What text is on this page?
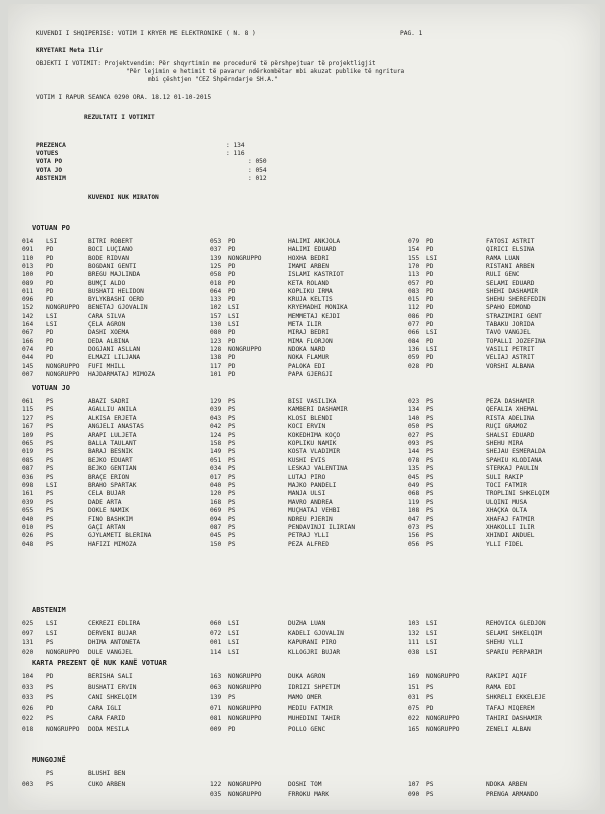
KUVENDI I SHQIPERISE: VOTIM I KRYER ME ELEKTRONIKE ( N. 8 )	PAG. 1
KRYETARI Meta Ilir
OBJEKTI I VOTIMIT: Projektvendim: Për shqyrtimin me procedurë të përshpejtuar të projektligjit
"Për lejimin e hetimit të pavarur ndërkombëtar mbi akuzat publike të ngritura
mbi çështjen "CEZ Shpërndarje SH.A."
VOTIM I RAPUR SEANCA 0290 ORA. 18.12 01-10-2015
REZULTATI I VOTIMIT
PREZENCA	: 134
VOTUES	: 116
VOTA PO	: 050
VOTA JO	: 054
ABSTENIM	: 012
KUVENDI NUK MIRATON
VOTUAN PO
014 LSI	BITRI ROBERT	053 PD	HALIMI ANKJOLA	079 PD	FATOSI ASTRIT
091 PD	BOCI LUÇIANO	037 PD	HALIMI EDUARD	154 PD	QIRICI ELSINA
110 PD	BODE RIDVAN	139 NONGRUPPO	HOXHA BEDRI	155 LSI	RAMA LUAN
013 PD	BOGDANI GENTI	125 PD	IMAMI ARBEN	170 PD	RISTANI ARBEN
100 PD	BREGU MAJLINDA	058 PD	ISLAMI KASTRIOT	113 PD	RULI GENC
089 PD	BUMÇI ALDO	018 PD	KETA ROLAND	057 PD	SELAMI EDUARD
011 PD	BUSHATI HELIDON	064 PD	KOPLIKU IRMA	083 PD	SHEHI DASHAMIR
096 PD	BYLYKBASHI OERD	133 PD	KRUJA KELTIS	015 PD	SHEHU SHEREFEDIN
152 NONGRUPPO BENETAJ GJOVALIN	102 LSI	KRYEMADHI MONIKA	112 PD	SPAHO EDMOND
142 LSI	CARA SILVA	157 LSI	MEMMETAJ KEJDI	086 PD	STRAZIMIRI GENT
164 LSI	ÇELA AGRON	130 LSI	META ILIR	077 PD	TABAKU JORIDA
067 PD	DASHI XOEMA	080 PD	MIRAJ BEDRI	066 LSI	TAVO VANGJEL
166 PD	DEDA ALBINA	123 PD	MIMA FLORJON	084 PD	TOPALLI JOZEFINA
074 PD	DOGJANI ASLLAN	128 NONGRUPPO	NDOKA NARD	136 LSI	VASILI PETRIT
044 PD	ELMAZI LILJANA	138 PD	NOKA FLAMUR	059 PD	VELIAJ ASTRIT
145 NONGRUPPO FUFI MHILL	117 PD	PALOKA EDI	028 PD	VORSHI ALBANA
007 NONGRUPPO HAJDARMATAJ MIMOZA	101 PD	PAPA GJERGJI
VOTUAN JO
061 PS	ABAZI SADRI	129 PS	BISI VASILIKA	023 PS	PEZA DASHAMIR
115 PS	AGALLIU ANILA	039 PS	KAMBERI DASHAMIR	134 PS	QEFALIA XHEMAL
127 PS	ALKISA ERJETA	043 PS	KLOSI BLENDI	140 PS	RISTA ADELINA
167 PS	ANGJELI ANASTAS	042 PS	KOCI ERVIN	050 PS	RUÇI GRAMOZ
109 PS	ARAPI LULJETA	124 PS	KOKEDHIMA KOÇO	027 PS	SHALSI EDUARD
065 PS	BALLA TAULANT	158 PS	KOPLIKU NAMIK	093 PS	SHEHU MIRA
019 PS	BARAJ BESNIK	149 PS	KOSTA VLADIMIR	144 PS	SHEJAU ESMERALDA
085 PS	BEJKO EDUART	051 PS	KUSHI EVIS	078 PS	SPAHIU KLODIANA
087 PS	BEJKO GENTIAN	034 PS	LESKAJ VALENTINA	135 PS	STERKAJ PAULIN
036 PS	BRAÇE ERION	017 PS	LUTAJ PIRO	045 PS	SULI RAKIP
098 LSI	BRAHO SPARTAK	040 PS	MAJKO PANDELI	049 PS	TOCI FATMIR
161 PS	CELA BUJAR	120 PS	MANJA ULSI	068 PS	TROPLINI SHKELQIM
039 PS	DADE ARTA	168 PS	MAVRO ANDREA	119 PS	ULQINI MUSA
055 PS	DOKLE NAMIK	069 PS	MUÇHATAJ VEHBI	108 PS	XHAÇKA OLTA
040 PS	FINO BASHKIM	094 PS	NDREU PJERIN	047 PS	XHAFAJ FATMIR
010 PS	GAÇI ARTAN	087 PS	PENDAVINJI ILIRIAN	073 PS	XHAKOLLI ILIR
026 PS	GJYLAMETI BLERINA	045 PS	PETRAJ YLLI	156 PS	XHINDI ANDUEL
048 PS	HAFIZI MIMOZA	150 PS	PEZA ALFRED	056 PS	YLLI FIDEL
ABSTENIM
025 LSI	CEKREZI EDLIRA	060 LSI	DUZHA LUAN	103 LSI	REHOVICA GLEDJON
097 LSI	DERVENI BUJAR	072 LSI	KADELI GJOVALIN	132 LSI	SELAMI SHKELQIM
131 PS	DHIMA ANTONETA	001 LSI	KAPURANI PIRO	111 LSI	SHEHU YLLI
020 NONGRUPPO DULE VANGJEL	114 LSI	KLLOGJRI BUJAR	038 LSI	SPARIU PERPARIM
KARTA PREZENT QË NUK KANË VOTUAR
104 PD	BERISHA SALI	163 NONGRUPPO	DUKA AGRON	169 NONGRUPPO	RAKIPI AQIF
033 PS	BUSHATI ERVIN	063 NONGRUPPO	IDRIZI SHPETIM	151 PS	RAMA EDI
033 PS	CANI SHKELQIM	139 PS	MAMO OMER	031 PS	SHKRELI EKKELEJE
026 PD	CARA IGLI	071 NONGRUPPO	MEDIU FATMIR	075 PD	TAFAJ MIQEREM
022 PS	CARA FARID	081 NONGRUPPO	MUHEDINI TAHIR	022 NONGRUPPO	TAHIRI DASHAMIR
018 NONGRUPPO DODA MESILA	009 PD	POLLO GENC	165 NONGRUPPO	ZENELI ALBAN
MUNGOJNË
PS	BLUSHI BEN
003 PS	CUKO ARBEN	122 NONGRUPPO	DOSHI TOM	107 PS	NDOKA ARBEN
035 NONGRUPPO	FRROKU MARK	090 PS	PRENGA ARMANDO
